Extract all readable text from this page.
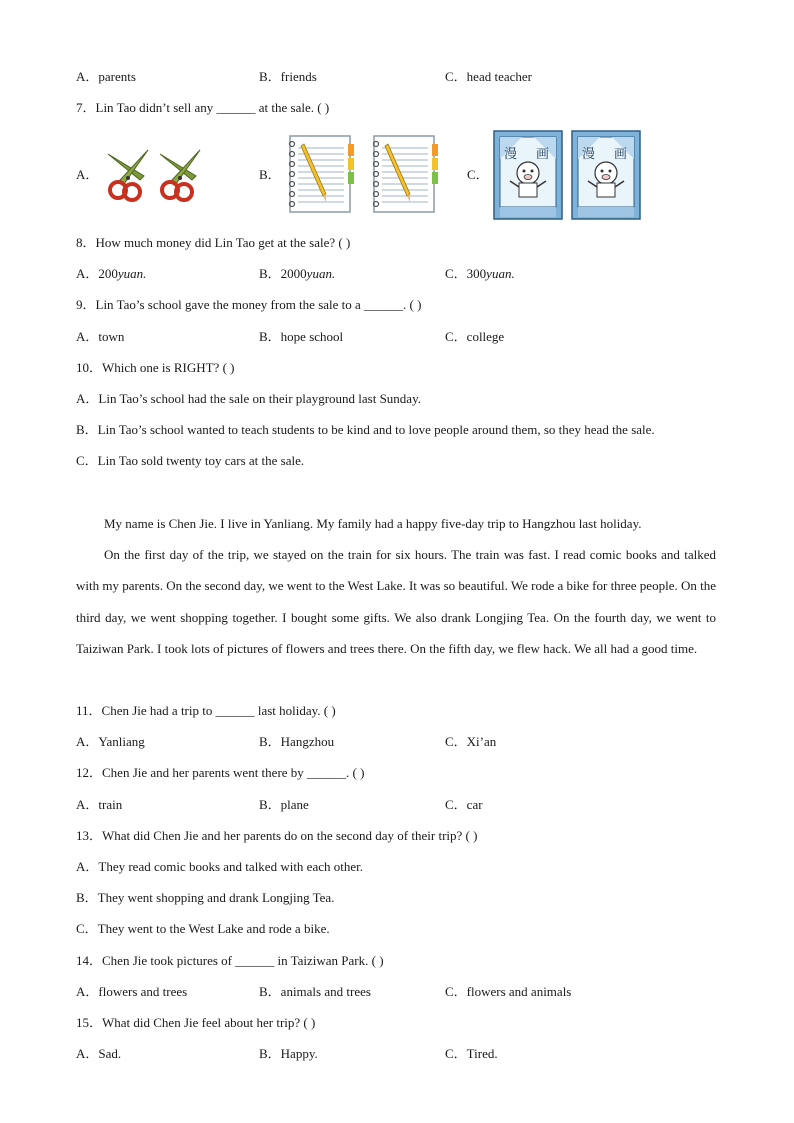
A．parents	B．friends	C．head teacher
7．Lin Tao didn’t sell any ______ at the sale. ( )
A．	B．	C．
漫 画	漫 画
8．How much money did Lin Tao get at the sale? ( )
A．200yuan.	B．2000yuan.	C．300yuan.
9．Lin Tao’s school gave the money from the sale to a ______. ( )
A．town	B．hope school	C．college
10．Which one is RIGHT? ( )
A．Lin Tao’s school had the sale on their playground last Sunday.
B．Lin Tao’s school wanted to teach students to be kind and to love people around them, so they head the sale.
C．Lin Tao sold twenty toy cars at the sale.
My name is Chen Jie. I live in Yanliang. My family had a happy five-day trip to Hangzhou last holiday.
On the first day of the trip, we stayed on the train for six hours. The train was fast. I read comic books and talked with my parents. On the second day, we went to the West Lake. It was so beautiful. We rode a bike for three people. On the third day, we went shopping together. I bought some gifts. We also drank Longjing Tea. On the fourth day, we went to Taiziwan Park. I took lots of pictures of flowers and trees there. On the fifth day, we flew hack. We all had a good time.
11．Chen Jie had a trip to ______ last holiday. ( )
A．Yanliang	B．Hangzhou	C．Xi’an
12．Chen Jie and her parents went there by ______. ( )
A．train	B．plane	C．car
13．What did Chen Jie and her parents do on the second day of their trip? ( )
A．They read comic books and talked with each other.
B．They went shopping and drank Longjing Tea.
C．They went to the West Lake and rode a bike.
14．Chen Jie took pictures of ______ in Taiziwan Park. ( )
A．flowers and trees	B．animals and trees	C．flowers and animals
15．What did Chen Jie feel about her trip? ( )
A．Sad.	B．Happy.	C．Tired.
